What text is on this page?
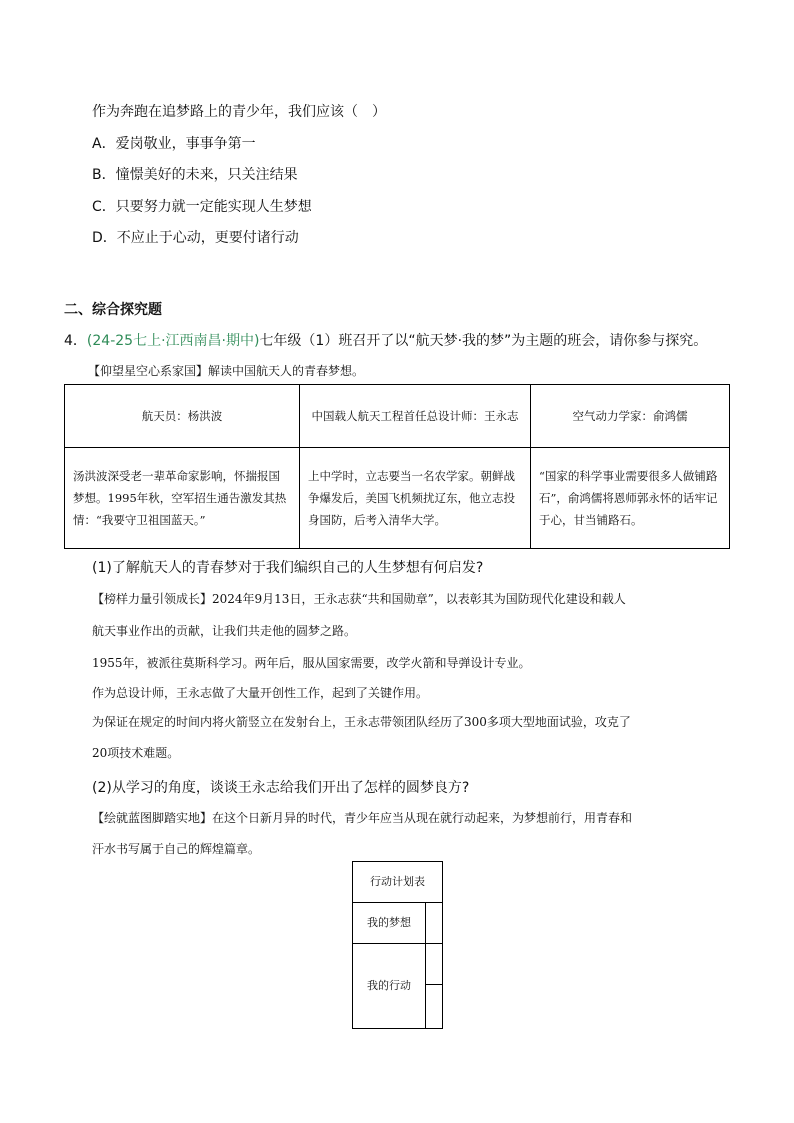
作为奔跑在追梦路上的青少年，我们应该（　）
A．爱岗敬业，事事争第一
B．憧憬美好的未来，只关注结果
C．只要努力就一定能实现人生梦想
D．不应止于心动，更要付诸行动
二、综合探究题
4．(24-25七上·江西南昌·期中)七年级（1）班召开了以“航天梦·我的梦”为主题的班会，请你参与探究。
【仰望星空心系家国】解读中国航天人的青春梦想。
航天员：杨洪波	中国载人航天工程首任总设计师：王永志	空气动力学家：俞鸿儒
汤洪波深受老一辈革命家影响，怀揣报国梦想。1995年秋，空军招生通告激发其热情：“我要守卫祖国蓝天。”	上中学时，立志要当一名农学家。朝鲜战争爆发后，美国飞机频扰辽东，他立志投身国防，后考入清华大学。	“国家的科学事业需要很多人做铺路石”，俞鸿儒将恩师郭永怀的话牢记于心，甘当铺路石。
(1)了解航天人的青春梦对于我们编织自己的人生梦想有何启发?
【榜样力量引领成长】2024年9月13日，王永志获“共和国勋章”，以表彰其为国防现代化建设和载人
航天事业作出的贡献，让我们共走他的圆梦之路。
1955年，被派往莫斯科学习。两年后，服从国家需要，改学火箭和导弹设计专业。
作为总设计师，王永志做了大量开创性工作，起到了关键作用。
为保证在规定的时间内将火箭竖立在发射台上，王永志带领团队经历了300多项大型地面试验，攻克了
20项技术难题。
(2)从学习的角度，谈谈王永志给我们开出了怎样的圆梦良方?
【绘就蓝图脚踏实地】在这个日新月异的时代，青少年应当从现在就行动起来，为梦想前行，用青春和
汗水书写属于自己的辉煌篇章。
行动计划表
我的梦想
我的行动
